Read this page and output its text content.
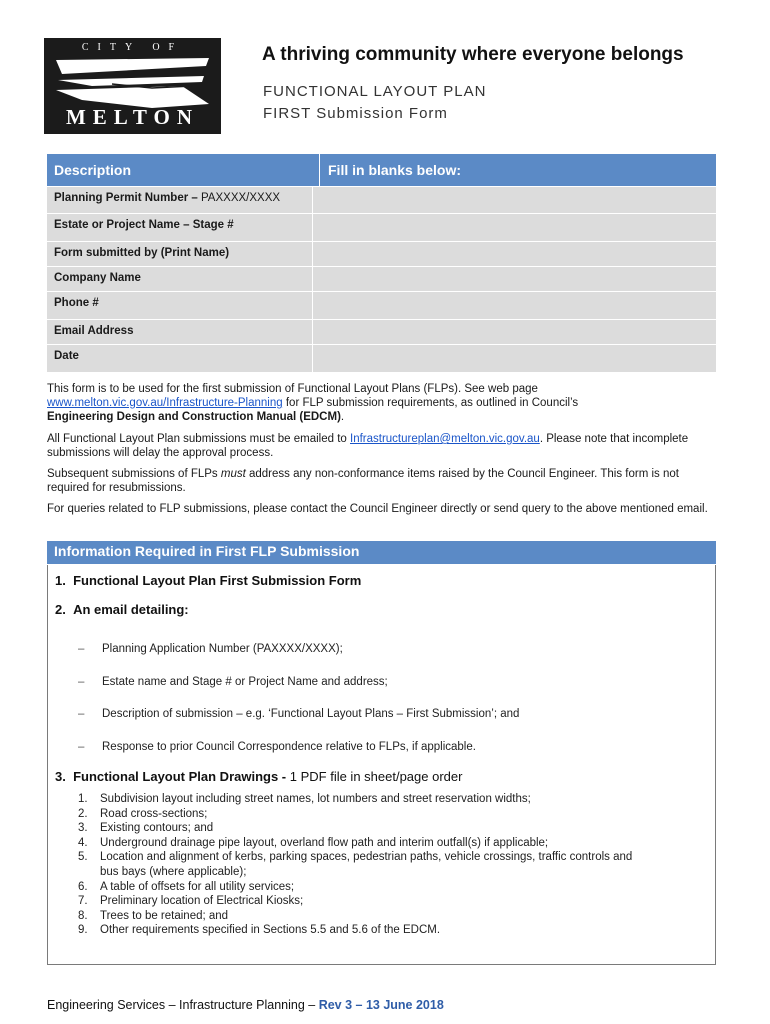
CITY OF
MELTON
A thriving community where everyone belongs
FUNCTIONAL LAYOUT PLAN
FIRST Submission Form
Description	Fill in blanks below:
Planning Permit Number – PAXXXX/XXXX
Estate or Project Name – Stage #
Form submitted by (Print Name)
Company Name
Phone #
Email Address
Date
This form is to be used for the first submission of Functional Layout Plans (FLPs). See web page
www.melton.vic.gov.au/Infrastructure-Planning for FLP submission requirements, as outlined in Council’s
Engineering Design and Construction Manual (EDCM).
All Functional Layout Plan submissions must be emailed to Infrastructureplan@melton.vic.gov.au. Please note that incomplete submissions will delay the approval process.
Subsequent submissions of FLPs must address any non-conformance items raised by the Council Engineer. This form is not required for resubmissions.
For queries related to FLP submissions, please contact the Council Engineer directly or send query to the above mentioned email.
Information Required in First FLP Submission
1.  Functional Layout Plan First Submission Form
2.  An email detailing:
– Planning Application Number (PAXXXX/XXXX);
– Estate name and Stage # or Project Name and address;
– Description of submission – e.g. ‘Functional Layout Plans – First Submission’; and
– Response to prior Council Correspondence relative to FLPs, if applicable.
3.  Functional Layout Plan Drawings - 1 PDF file in sheet/page order
1. Subdivision layout including street names, lot numbers and street reservation widths;
2. Road cross-sections;
3. Existing contours; and
4. Underground drainage pipe layout, overland flow path and interim outfall(s) if applicable;
5. Location and alignment of kerbs, parking spaces, pedestrian paths, vehicle crossings, traffic controls and
bus bays (where applicable);
6. A table of offsets for all utility services;
7. Preliminary location of Electrical Kiosks;
8. Trees to be retained; and
9. Other requirements specified in Sections 5.5 and 5.6 of the EDCM.
Engineering Services – Infrastructure Planning – Rev 3 – 13 June 2018
